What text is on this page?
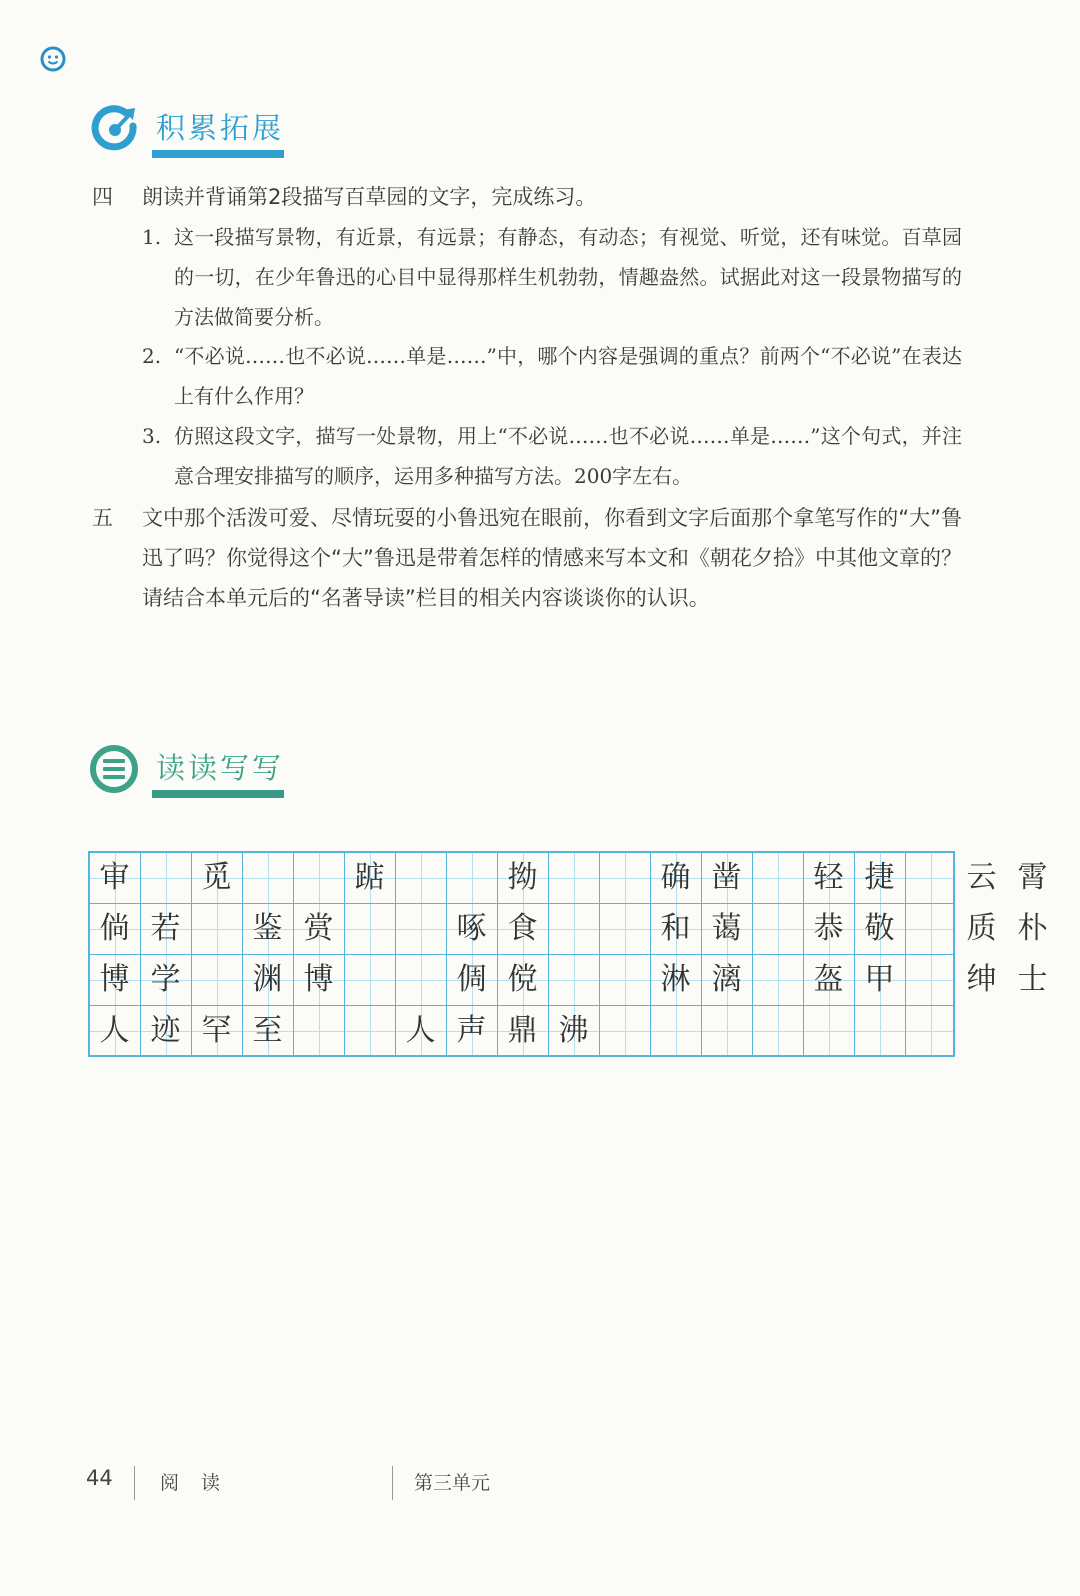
积累拓展
四 朗读并背诵第2段描写百草园的文字，完成练习。
1. 这一段描写景物，有近景，有远景；有静态，有动态；有视觉、听觉，还有味觉。百草园的一切，在少年鲁迅的心目中显得那样生机勃勃，情趣盎然。试据此对这一段景物描写的方法做简要分析。
2. “不必说……也不必说……单是……”中，哪个内容是强调的重点？前两个“不必说”在表达上有什么作用？
3. 仿照这段文字，描写一处景物，用上“不必说……也不必说……单是……”这个句式，并注意合理安排描写的顺序，运用多种描写方法。200字左右。
五 文中那个活泼可爱、尽情玩耍的小鲁迅宛在眼前，你看到文字后面那个拿笔写作的“大”鲁迅了吗？你觉得这个“大”鲁迅是带着怎样的情感来写本文和《朝花夕拾》中其他文章的？请结合本单元后的“名著导读”栏目的相关内容谈谈你的认识。
读读写写
审	觅	踮	拗	确 凿	轻 捷	云 霄
倘 若	鉴 赏	啄 食	和 蔼	恭 敬	质 朴
博 学	渊 博	倜 傥	淋 漓	盔 甲	绅 士
人 迹 罕 至	人 声 鼎 沸
44 阅 读	第三单元
